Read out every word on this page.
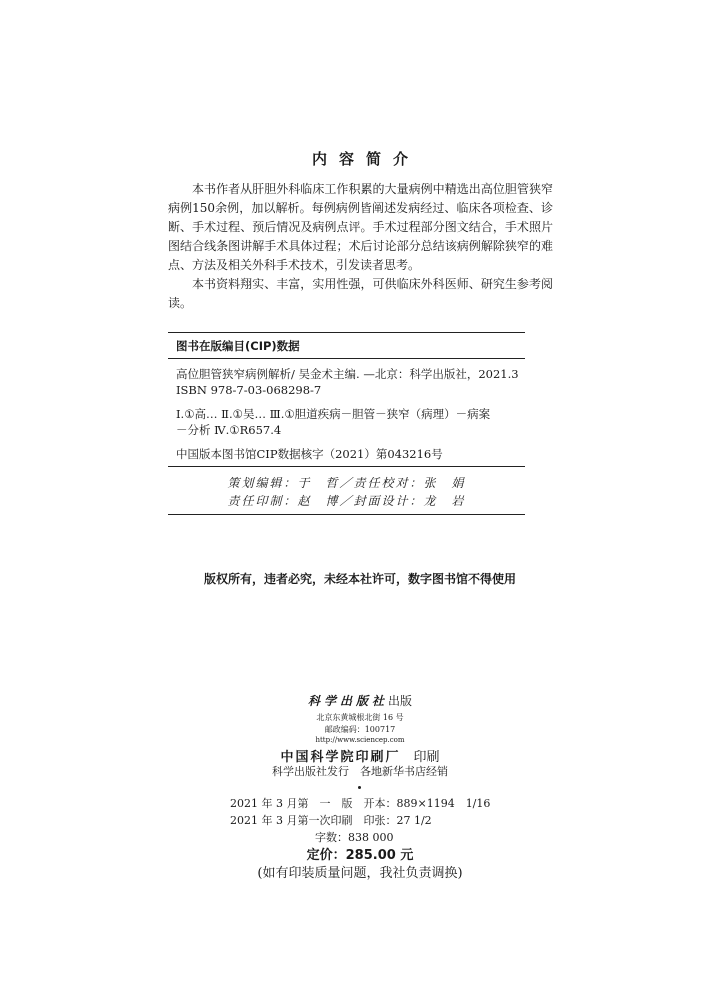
内容简介

本书作者从肝胆外科临床工作积累的大量病例中精选出高位胆管狭窄病例150余例，加以解析。每例病例皆阐述发病经过、临床各项检查、诊断、手术过程、预后情况及病例点评。手术过程部分图文结合，手术照片图结合线条图讲解手术具体过程；术后讨论部分总结该病例解除狭窄的难点、方法及相关外科手术技术，引发读者思考。

本书资料翔实、丰富，实用性强，可供临床外科医师、研究生参考阅读。

图书在版编目(CIP)数据
高位胆管狭窄病例解析/ 吴金术主编. —北京：科学出版社，2021.3
ISBN 978-7-03-068298-7
Ⅰ.①高… Ⅱ.①吴… Ⅲ.①胆道疾病－胆管－狭窄（病理）－病案
－分析 Ⅳ.①R657.4
中国版本图书馆CIP数据核字（2021）第043216号
策划编辑：于　哲／责任校对：张　娟
责任印制：赵　博／封面设计：龙　岩
版权所有，违者必究，未经本社许可，数字图书馆不得使用
科学出版社出版
北京东黄城根北街 16 号
邮政编码：100717
http://www.sciencep.com
中国科学院印刷厂　 印刷
科学出版社发行　各地新华书店经销
2021 年 3 月第　一　版　开本：889×1194　1/16
2021 年 3 月第一次印刷　印张：27 1/2
字数：838 000
定价：285.00 元
(如有印装质量问题，我社负责调换)
